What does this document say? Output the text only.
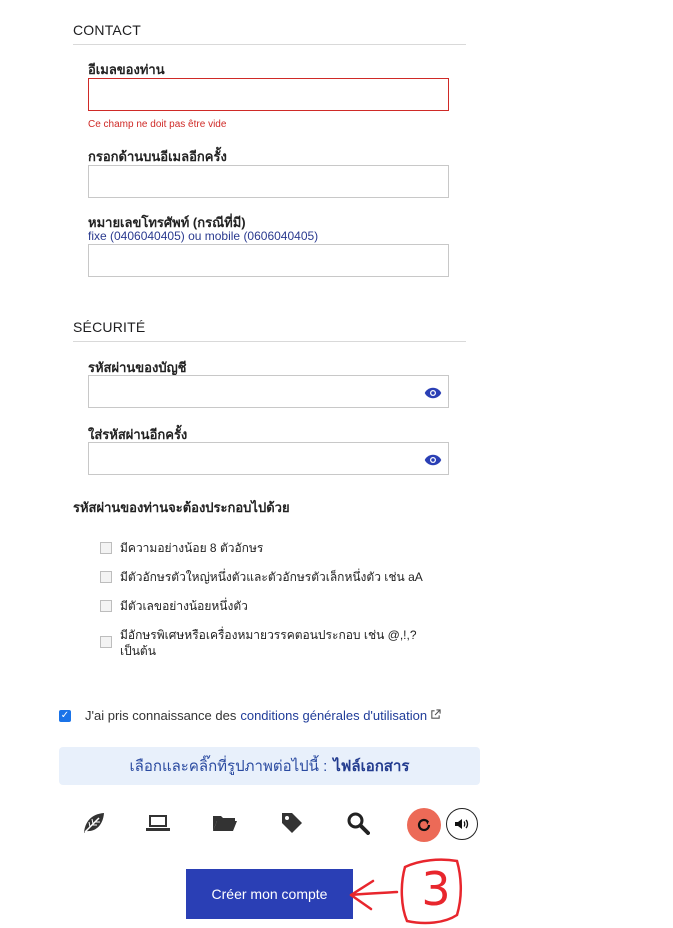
CONTACT
อีเมลของท่าน
Ce champ ne doit pas être vide
กรอกด้านบนอีเมลอีกครั้ง
หมายเลขโทรศัพท์ (กรณีที่มี)
fixe (0406040405) ou mobile (0606040405)
SÉCURITÉ
รหัสผ่านของบัญชี
ใส่รหัสผ่านอีกครั้ง
รหัสผ่านของท่านจะต้องประกอบไปด้วย
มีความอย่างน้อย 8 ตัวอักษร
มีตัวอักษรตัวใหญ่หนึ่งตัวและตัวอักษรตัวเล็กหนึ่งตัว เช่น aA
มีตัวเลขอย่างน้อยหนึ่งตัว
มีอักษรพิเศษหรือเครื่องหมายวรรคตอนประกอบ เช่น @,!,?
เป็นต้น
✓ J'ai pris connaissance des conditions générales d'utilisation
เลือกและคลิ๊กที่รูปภาพต่อไปนี้ : ไฟล์เอกสาร
Créer mon compte	3
